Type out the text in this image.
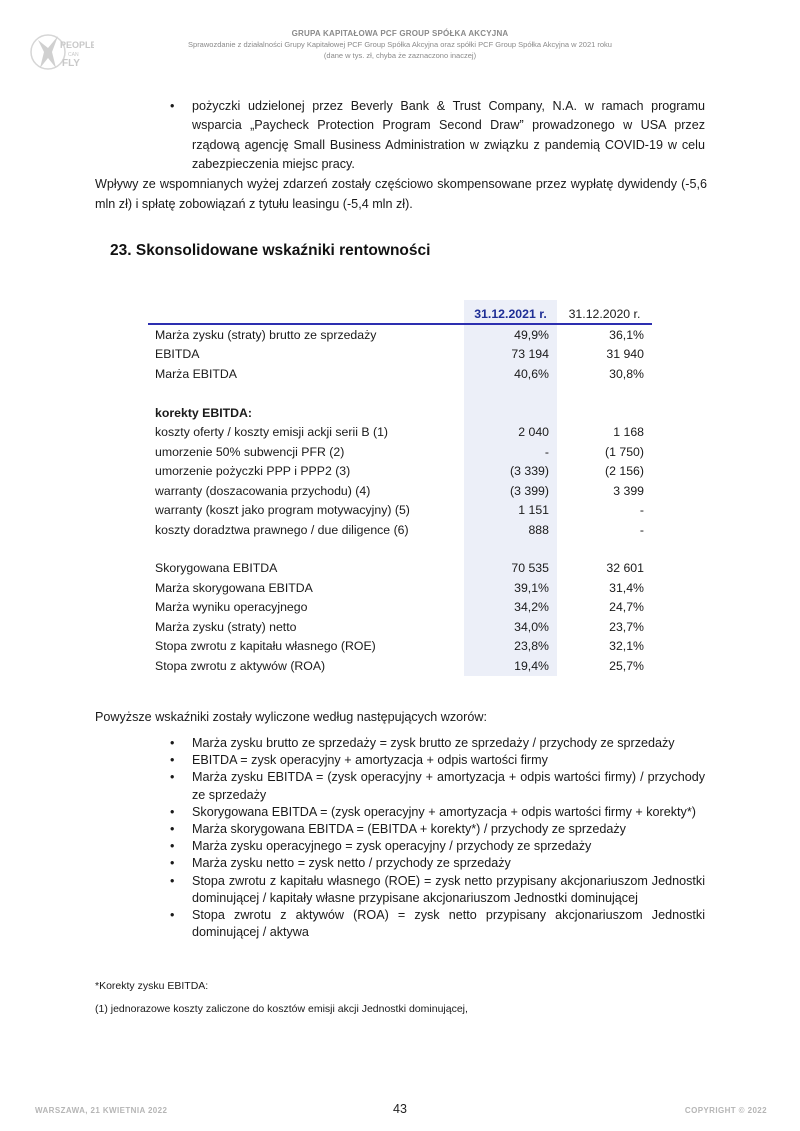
PEOPLE
CAN
FLY
GRUPA KAPITAŁOWA PCF GROUP SPÓŁKA AKCYJNA
Sprawozdanie z działalności Grupy Kapitałowej PCF Group Spółka Akcyjna oraz spółki PCF Group Spółka Akcyjna w 2021 roku
(dane w tys. zł, chyba że zaznaczono inaczej)
• pożyczki udzielonej przez Beverly Bank & Trust Company, N.A. w ramach programu wsparcia „Paycheck Protection Program Second Draw” prowadzonego w USA przez rządową agencję Small Business Administration w związku z pandemią COVID-19 w celu zabezpieczenia miejsc pracy.
Wpływy ze wspomnianych wyżej zdarzeń zostały częściowo skompensowane przez wypłatę dywidendy (-5,6 mln zł) i spłatę zobowiązań z tytułu leasingu (-5,4 mln zł).
23. Skonsolidowane wskaźniki rentowności
31.12.2021 r.	31.12.2020 r.
Marża zysku (straty) brutto ze sprzedaży	49,9%	36,1%
EBITDA	73 194	31 940
Marża EBITDA	40,6%	30,8%
korekty EBITDA:
koszty oferty / koszty emisji ackji serii B (1)	2 040	1 168
umorzenie 50% subwencji PFR (2)	-	(1 750)
umorzenie pożyczki PPP i PPP2 (3)	(3 339)	(2 156)
warranty (doszacowania przychodu) (4)	(3 399)	3 399
warranty (koszt jako program motywacyjny) (5)	1 151	-
koszty doradztwa prawnego / due diligence (6)	888	-
Skorygowana EBITDA	70 535	32 601
Marża skorygowana EBITDA	39,1%	31,4%
Marża wyniku operacyjnego	34,2%	24,7%
Marża zysku (straty) netto	34,0%	23,7%
Stopa zwrotu z kapitału własnego (ROE)	23,8%	32,1%
Stopa zwrotu z aktywów (ROA)	19,4%	25,7%
Powyższe wskaźniki zostały wyliczone według następujących wzorów:
• Marża zysku brutto ze sprzedaży = zysk brutto ze sprzedaży / przychody ze sprzedaży
• EBITDA = zysk operacyjny + amortyzacja + odpis wartości firmy
• Marża zysku EBITDA = (zysk operacyjny + amortyzacja + odpis wartości firmy) / przychody ze sprzedaży
• Skorygowana EBITDA = (zysk operacyjny + amortyzacja + odpis wartości firmy + korekty*)
• Marża skorygowana EBITDA = (EBITDA + korekty*) / przychody ze sprzedaży
• Marża zysku operacyjnego = zysk operacyjny / przychody ze sprzedaży
• Marża zysku netto = zysk netto / przychody ze sprzedaży
• Stopa zwrotu z kapitału własnego (ROE) = zysk netto przypisany akcjonariuszom Jednostki dominującej / kapitały własne przypisane akcjonariuszom Jednostki dominującej
• Stopa zwrotu z aktywów (ROA) = zysk netto przypisany akcjonariuszom Jednostki dominującej / aktywa
*Korekty zysku EBITDA:
(1) jednorazowe koszty zaliczone do kosztów emisji akcji Jednostki dominującej,
WARSZAWA, 21 KWIETNIA 2022	43	COPYRIGHT © 2022
